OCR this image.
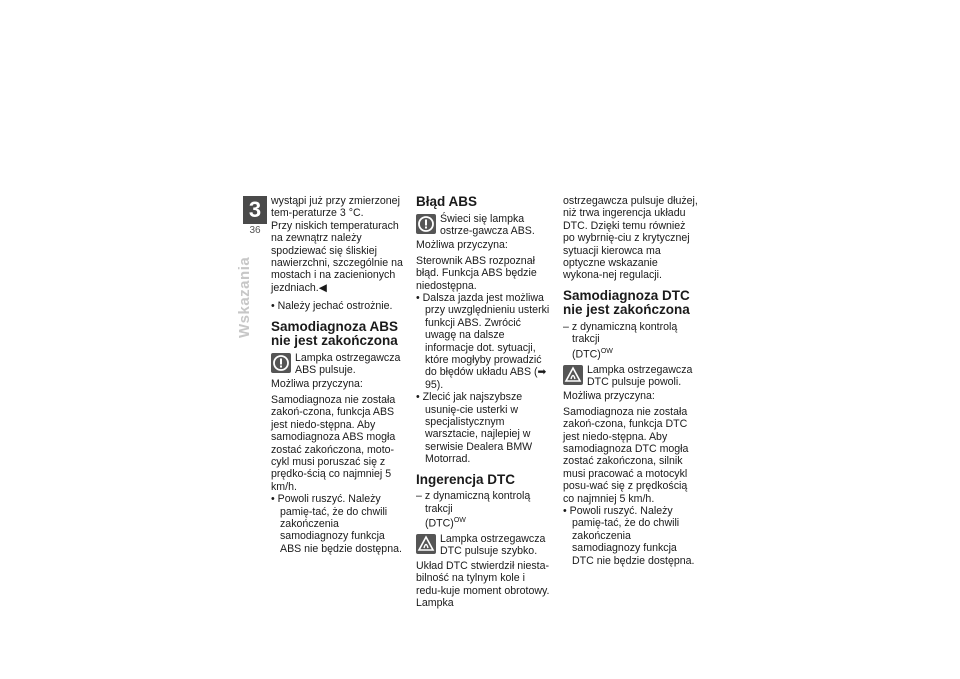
3
36
Wskazania

wystąpi już przy zmierzonej tem-peraturze 3 °C.

Przy niskich temperaturach na zewnątrz należy spodziewać się śliskiej nawierzchni, szczególnie na mostach i na zacienionych jezdniach.◀

• Należy jechać ostrożnie.

Samodiagnoza ABS nie jest zakończona
Lampka ostrzegawcza ABS pulsuje.

Możliwa przyczyna:

Samodiagnoza nie została zakoń-czona, funkcja ABS jest niedo-stępna. Aby samodiagnoza ABS mogła zostać zakończona, moto-cykl musi poruszać się z prędko-ścią co najmniej 5 km/h.

• Powoli ruszyć. Należy pamię-tać, że do chwili zakończenia samodiagnozy funkcja ABS nie będzie dostępna.

Błąd ABS
Świeci się lampka ostrze-gawcza ABS.

Możliwa przyczyna:

Sterownik ABS rozpoznał błąd. Funkcja ABS będzie niedostępna.

• Dalsza jazda jest możliwa przy uwzględnieniu usterki funkcji ABS. Zwrócić uwagę na dalsze informacje dot. sytuacji, które mogłyby prowadzić do błędów układu ABS (➡ 95).

• Zlecić jak najszybsze usunię-cie usterki w specjalistycznym warsztacie, najlepiej w serwisie Dealera BMW Motorrad.

Ingerencja DTC

– z dynamiczną kontrolą trakcji

(DTC)$^{OW}$

Lampka ostrzegawcza DTC pulsuje szybko.

Układ DTC stwierdził niesta-bilność na tylnym kole i redu-kuje moment obrotowy. Lampka

ostrzegawcza pulsuje dłużej, niż trwa ingerencja układu DTC. Dzięki temu również po wybrnię-ciu z krytycznej sytuacji kierowca ma optyczne wskazanie wykona-nej regulacji.

Samodiagnoza DTC nie jest zakończona

– z dynamiczną kontrolą trakcji

(DTC)$^{OW}$

Lampka ostrzegawcza DTC pulsuje powoli.

Możliwa przyczyna:

Samodiagnoza nie została zakoń-czona, funkcja DTC jest niedo-stępna. Aby samodiagnoza DTC mogła zostać zakończona, silnik musi pracować a motocykl posu-wać się z prędkością co najmniej 5 km/h.

• Powoli ruszyć. Należy pamię-tać, że do chwili zakończenia samodiagnozy funkcja DTC nie będzie dostępna.
